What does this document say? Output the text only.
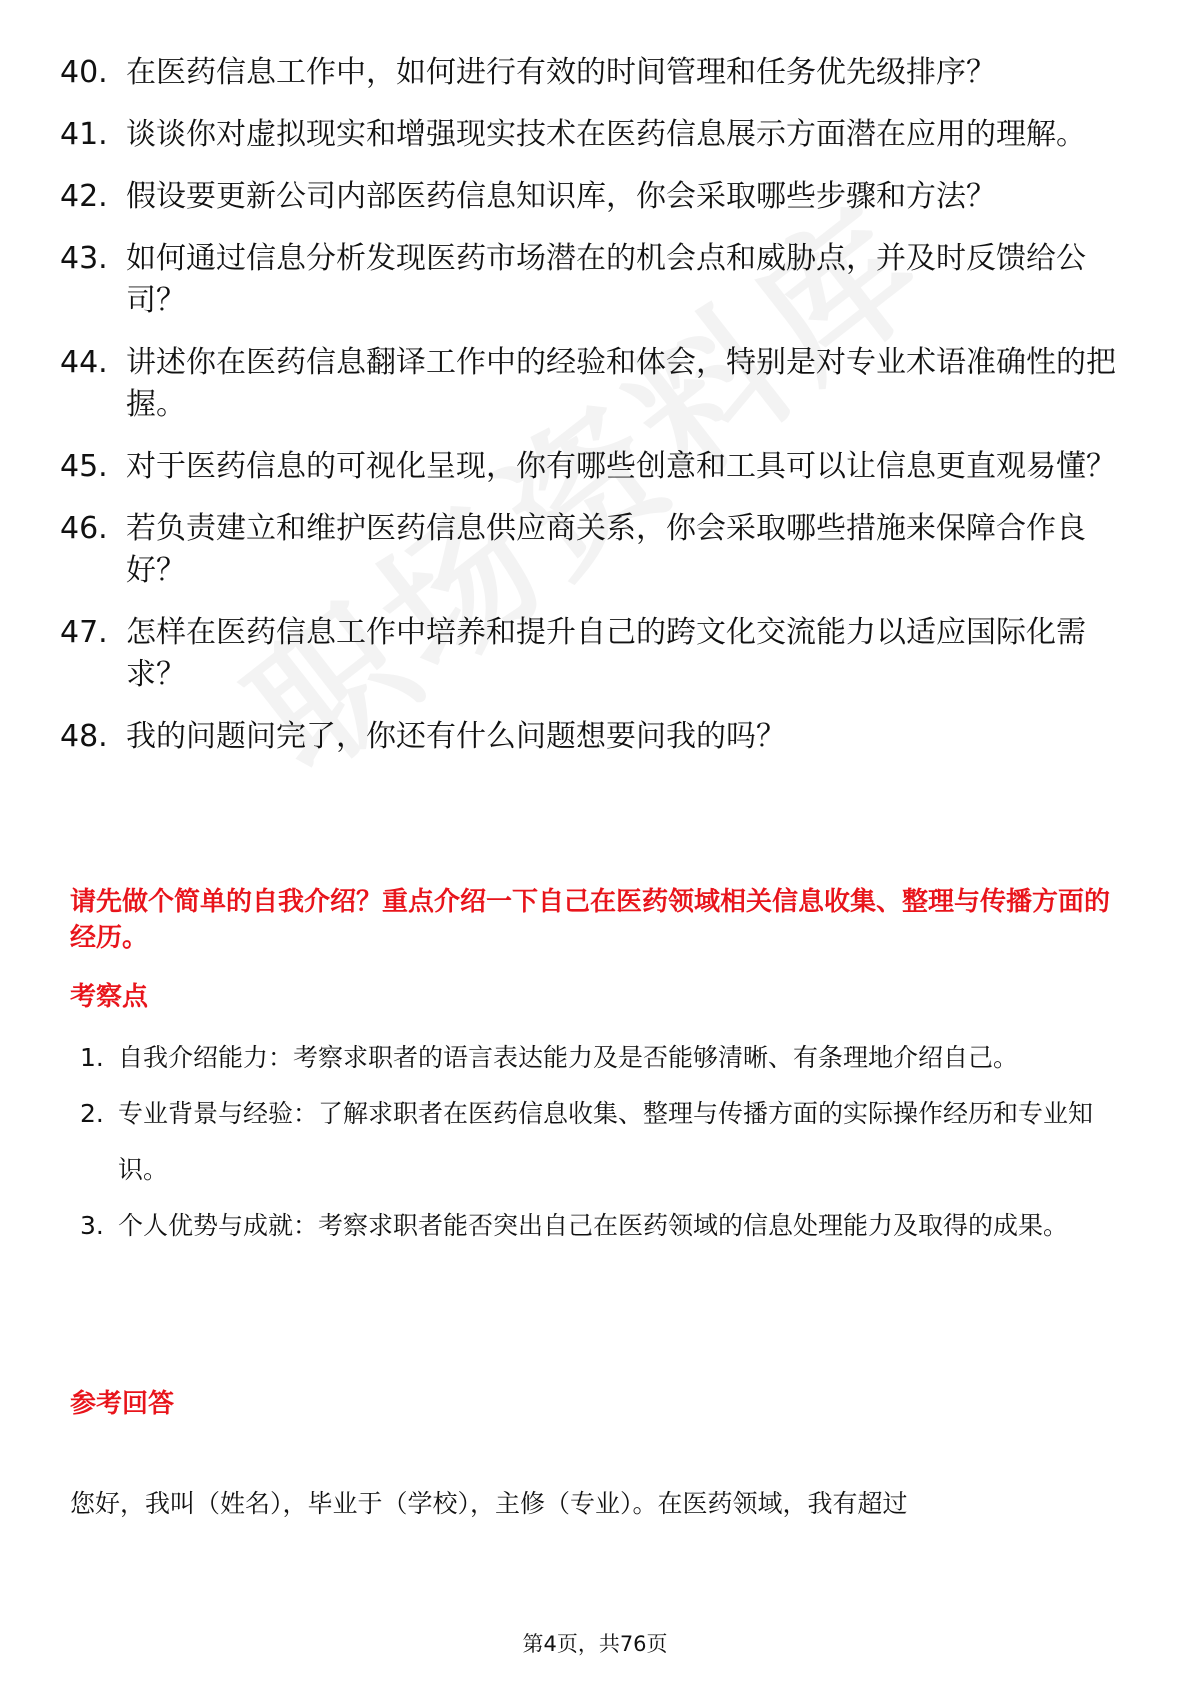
40. 在医药信息工作中，如何进行有效的时间管理和任务优先级排序？
41. 谈谈你对虚拟现实和增强现实技术在医药信息展示方面潜在应用的理解。
42. 假设要更新公司内部医药信息知识库，你会采取哪些步骤和方法？
43. 如何通过信息分析发现医药市场潜在的机会点和威胁点，并及时反馈给公司？
44. 讲述你在医药信息翻译工作中的经验和体会，特别是对专业术语准确性的把握。
45. 对于医药信息的可视化呈现，你有哪些创意和工具可以让信息更直观易懂？
46. 若负责建立和维护医药信息供应商关系，你会采取哪些措施来保障合作良好？
47. 怎样在医药信息工作中培养和提升自己的跨文化交流能力以适应国际化需求？
48. 我的问题问完了，你还有什么问题想要问我的吗？

请先做个简单的自我介绍？重点介绍一下自己在医药领域相关信息收集、整理与传播方面的经历。

考察点
1. 自我介绍能力：考察求职者的语言表达能力及是否能够清晰、有条理地介绍自己。
2. 专业背景与经验：了解求职者在医药信息收集、整理与传播方面的实际操作经历和专业知识。
3. 个人优势与成就：考察求职者能否突出自己在医药领域的信息处理能力及取得的成果。
参考回答

您好，我叫（姓名），毕业于（学校），主修（专业）。在医药领域，我有超过

第4页，共76页
